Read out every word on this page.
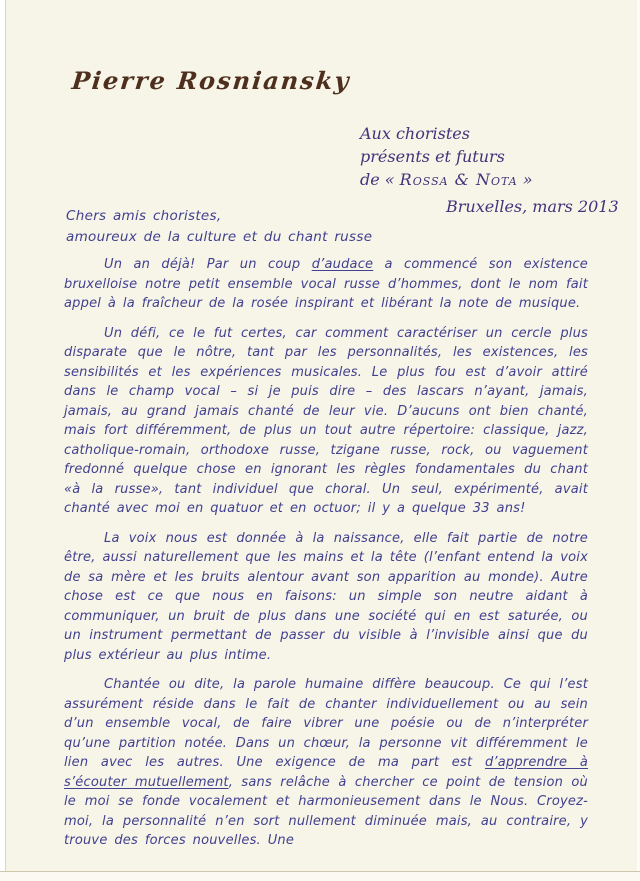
Pierre Rosniansky
Aux choristes
présents et futurs
de « Rossa & Nota »
Bruxelles, mars 2013
Chers amis choristes,
amoureux de la culture et du chant russe

Un an déjà! Par un coup d’audace a commencé son existence bruxelloise notre petit ensemble vocal russe d’hommes, dont le nom fait appel à la fraîcheur de la rosée inspirant et libérant la note de musique.

Un défi, ce le fut certes, car comment caractériser un cercle plus disparate que le nôtre, tant par les personnalités, les existences, les sensibilités et les expériences musicales. Le plus fou est d’avoir attiré dans le champ vocal – si je puis dire – des lascars n’ayant, jamais, jamais, au grand jamais chanté de leur vie. D’aucuns ont bien chanté, mais fort différemment, de plus un tout autre répertoire: classique, jazz, catholique-romain, orthodoxe russe, tzigane russe, rock, ou vaguement fredonné quelque chose en ignorant les règles fondamentales du chant «à la russe», tant individuel que choral. Un seul, expérimenté, avait chanté avec moi en quatuor et en octuor; il y a quelque 33 ans!

La voix nous est donnée à la naissance, elle fait partie de notre être, aussi naturellement que les mains et la tête (l’enfant entend la voix de sa mère et les bruits alentour avant son apparition au monde). Autre chose est ce que nous en faisons: un simple son neutre aidant à communiquer, un bruit de plus dans une société qui en est saturée, ou un instrument permettant de passer du visible à l’invisible ainsi que du plus extérieur au plus intime.

Chantée ou dite, la parole humaine diffère beaucoup. Ce qui l’est assurément réside dans le fait de chanter individuellement ou au sein d’un ensemble vocal, de faire vibrer une poésie ou de n’interpréter qu’une partition notée. Dans un chœur, la personne vit différemment le lien avec les autres. Une exigence de ma part est d’apprendre à s’écouter mutuellement, sans relâche à chercher ce point de tension où le moi se fonde vocalement et harmonieusement dans le Nous. Croyez-moi, la personnalité n’en sort nullement diminuée mais, au contraire, y trouve des forces nouvelles. Une
